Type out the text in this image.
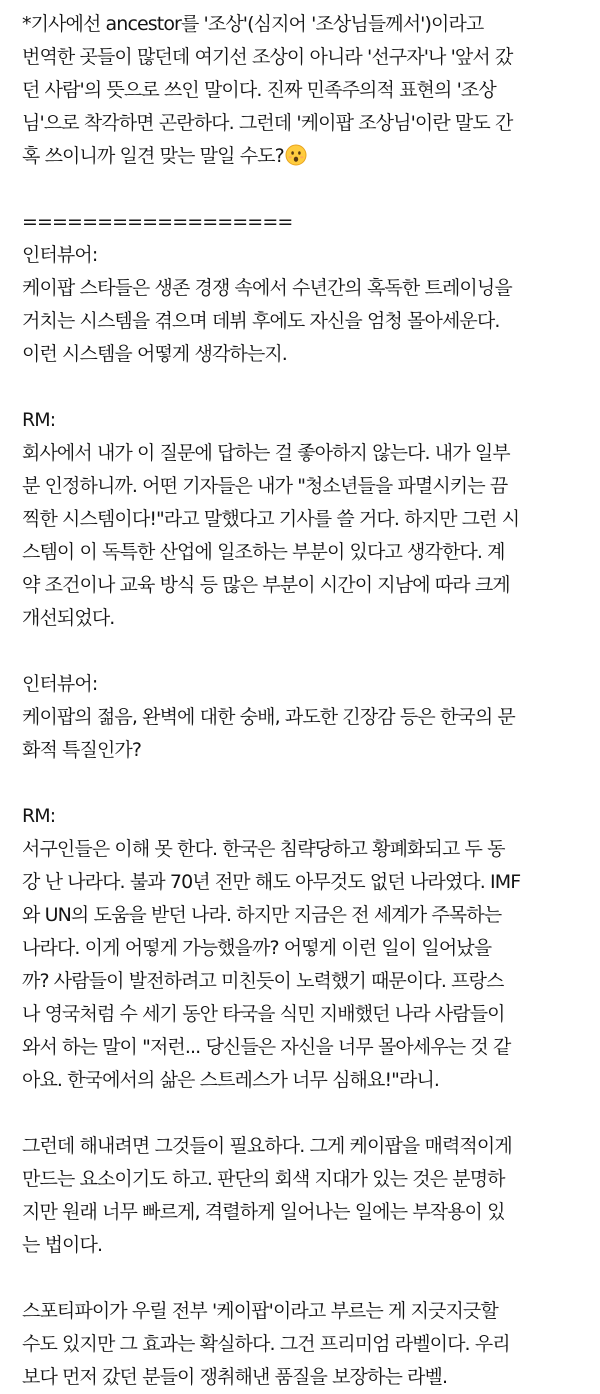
*기사에선 ancestor를 '조상'(심지어 '조상님들께서')이라고
번역한 곳들이 많던데 여기선 조상이 아니라 '선구자'나 '앞서 갔
던 사람'의 뜻으로 쓰인 말이다. 진짜 민족주의적 표현의 '조상
님'으로 착각하면 곤란하다. 그런데 '케이팝 조상님'이란 말도 간
혹 쓰이니까 일견 맞는 말일 수도?

==================

인터뷰어:

케이팝 스타들은 생존 경쟁 속에서 수년간의 혹독한 트레이닝을
거치는 시스템을 겪으며 데뷔 후에도 자신을 엄청 몰아세운다.
이런 시스템을 어떻게 생각하는지.

RM:

회사에서 내가 이 질문에 답하는 걸 좋아하지 않는다. 내가 일부
분 인정하니까. 어떤 기자들은 내가 "청소년들을 파멸시키는 끔
찍한 시스템이다!"라고 말했다고 기사를 쓸 거다. 하지만 그런 시
스템이 이 독특한 산업에 일조하는 부분이 있다고 생각한다. 계
약 조건이나 교육 방식 등 많은 부분이 시간이 지남에 따라 크게
개선되었다.

인터뷰어:

케이팝의 젊음, 완벽에 대한 숭배, 과도한 긴장감 등은 한국의 문
화적 특질인가?

RM:

서구인들은 이해 못 한다. 한국은 침략당하고 황폐화되고 두 동
강 난 나라다. 불과 70년 전만 해도 아무것도 없던 나라였다. IMF
와 UN의 도움을 받던 나라. 하지만 지금은 전 세계가 주목하는
나라다. 이게 어떻게 가능했을까? 어떻게 이런 일이 일어났을
까? 사람들이 발전하려고 미친듯이 노력했기 때문이다. 프랑스
나 영국처럼 수 세기 동안 타국을 식민 지배했던 나라 사람들이
와서 하는 말이 "저런... 당신들은 자신을 너무 몰아세우는 것 같
아요. 한국에서의 삶은 스트레스가 너무 심해요!"라니.

그런데 해내려면 그것들이 필요하다. 그게 케이팝을 매력적이게
만드는 요소이기도 하고. 판단의 회색 지대가 있는 것은 분명하
지만 원래 너무 빠르게, 격렬하게 일어나는 일에는 부작용이 있
는 법이다.

스포티파이가 우릴 전부 '케이팝'이라고 부르는 게 지긋지긋할
수도 있지만 그 효과는 확실하다. 그건 프리미엄 라벨이다. 우리
보다 먼저 갔던 분들이 쟁취해낸 품질을 보장하는 라벨.
